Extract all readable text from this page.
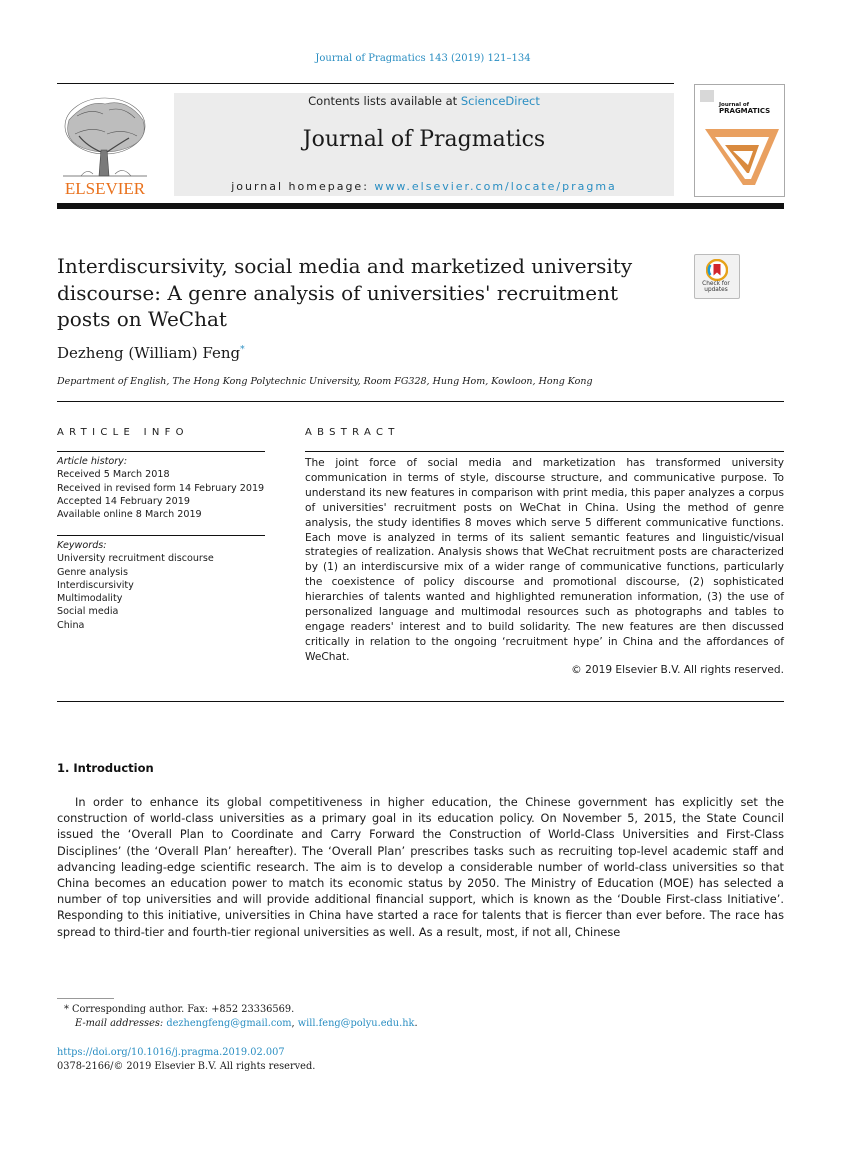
Journal of Pragmatics 143 (2019) 121–134
ELSEVIER
Contents lists available at ScienceDirect
Journal of Pragmatics
journal homepage: www.elsevier.com/locate/pragma
Journal of
PRAGMATICS
Interdiscursivity, social media and marketized university discourse: A genre analysis of universities' recruitment posts on WeChat
Check for
updates
Dezheng (William) Feng*
Department of English, The Hong Kong Polytechnic University, Room FG328, Hung Hom, Kowloon, Hong Kong
ARTICLE INFO
Article history:
Received 5 March 2018
Received in revised form 14 February 2019
Accepted 14 February 2019
Available online 8 March 2019
Keywords:
University recruitment discourse
Genre analysis
Interdiscursivity
Multimodality
Social media
China
ABSTRACT
The joint force of social media and marketization has transformed university communication in terms of style, discourse structure, and communicative purpose. To understand its new features in comparison with print media, this paper analyzes a corpus of universities' recruitment posts on WeChat in China. Using the method of genre analysis, the study identifies 8 moves which serve 5 different communicative functions. Each move is analyzed in terms of its salient semantic features and linguistic/visual strategies of realization. Analysis shows that WeChat recruitment posts are characterized by (1) an interdiscursive mix of a wider range of communicative functions, particularly the coexistence of policy discourse and promotional discourse, (2) sophisticated hierarchies of talents wanted and highlighted remuneration information, (3) the use of personalized language and multimodal resources such as photographs and tables to engage readers' interest and to build solidarity. The new features are then discussed critically in relation to the ongoing ‘recruitment hype’ in China and the affordances of WeChat.
© 2019 Elsevier B.V. All rights reserved.
1. Introduction
In order to enhance its global competitiveness in higher education, the Chinese government has explicitly set the construction of world-class universities as a primary goal in its education policy. On November 5, 2015, the State Council issued the ‘Overall Plan to Coordinate and Carry Forward the Construction of World-Class Universities and First-Class Disciplines’ (the ‘Overall Plan’ hereafter). The ‘Overall Plan’ prescribes tasks such as recruiting top-level academic staff and advancing leading-edge scientific research. The aim is to develop a considerable number of world-class universities so that China becomes an education power to match its economic status by 2050. The Ministry of Education (MOE) has selected a number of top universities and will provide additional financial support, which is known as the ‘Double First-class Initiative’. Responding to this initiative, universities in China have started a race for talents that is fiercer than ever before. The race has spread to third-tier and fourth-tier regional universities as well. As a result, most, if not all, Chinese
* Corresponding author. Fax: +852 23336569.
E-mail addresses: dezhengfeng@gmail.com, will.feng@polyu.edu.hk.
https://doi.org/10.1016/j.pragma.2019.02.007
0378-2166/© 2019 Elsevier B.V. All rights reserved.
